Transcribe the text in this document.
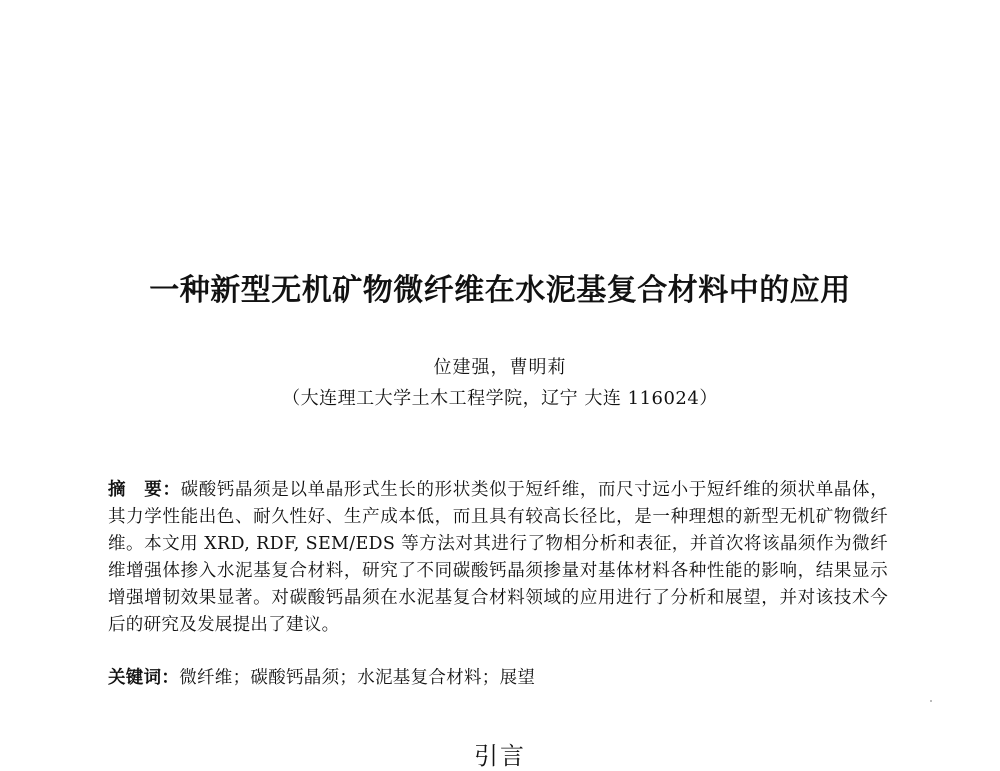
一种新型无机矿物微纤维在水泥基复合材料中的应用
位建强，曹明莉
（大连理工大学土木工程学院，辽宁 大连 116024）
摘　要：碳酸钙晶须是以单晶形式生长的形状类似于短纤维，而尺寸远小于短纤维的须状单晶体，其力学性能出色、耐久性好、生产成本低，而且具有较高长径比，是一种理想的新型无机矿物微纤维。本文用 XRD, RDF, SEM/EDS 等方法对其进行了物相分析和表征，并首次将该晶须作为微纤维增强体掺入水泥基复合材料，研究了不同碳酸钙晶须掺量对基体材料各种性能的影响，结果显示增强增韧效果显著。对碳酸钙晶须在水泥基复合材料领域的应用进行了分析和展望，并对该技术今后的研究及发展提出了建议。
关键词：微纤维；碳酸钙晶须；水泥基复合材料；展望
引言
